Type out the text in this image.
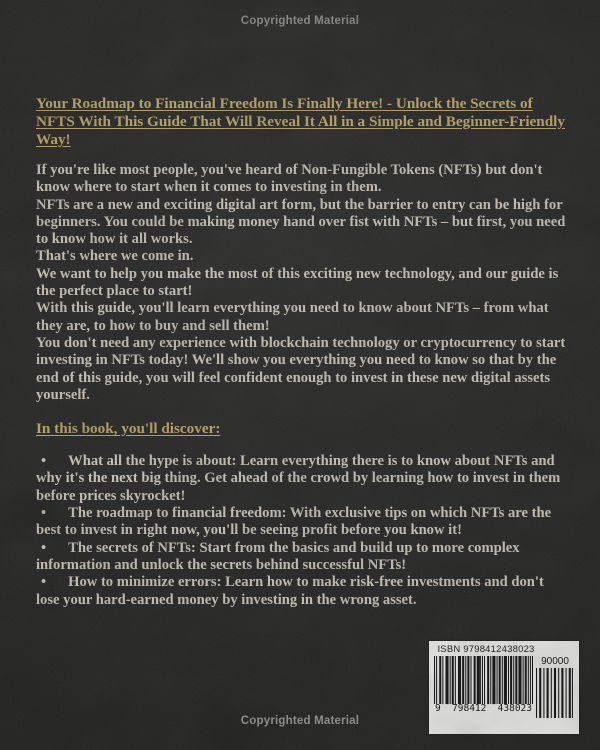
Copyrighted Material
Your Roadmap to Financial Freedom Is Finally Here! - Unlock the Secrets of NFTS With This Guide That Will Reveal It All in a Simple and Beginner-Friendly Way!

If you're like most people, you've heard of Non-Fungible Tokens (NFTs) but don't know where to start when it comes to investing in them.

NFTs are a new and exciting digital art form, but the barrier to entry can be high for beginners. You could be making money hand over fist with NFTs – but first, you need to know how it all works.

That's where we come in.

We want to help you make the most of this exciting new technology, and our guide is the perfect place to start!

With this guide, you'll learn everything you need to know about NFTs – from what they are, to how to buy and sell them!

You don't need any experience with blockchain technology or cryptocurrency to start investing in NFTs today! We'll show you everything you need to know so that by the end of this guide, you will feel confident enough to invest in these new digital assets yourself.

In this book, you'll discover:

• What all the hype is about: Learn everything there is to know about NFTs and why it's the next big thing. Get ahead of the crowd by learning how to invest in them before prices skyrocket!

• The roadmap to financial freedom: With exclusive tips on which NFTs are the best to invest in right now, you'll be seeing profit before you know it!

• The secrets of NFTs: Start from the basics and build up to more complex information and unlock the secrets behind successful NFTs!

• How to minimize errors: Learn how to make risk-free investments and don't lose your hard-earned money by investing in the wrong asset.

ISBN 9798412438023
9 798412 438023
90000
Copyrighted Material
